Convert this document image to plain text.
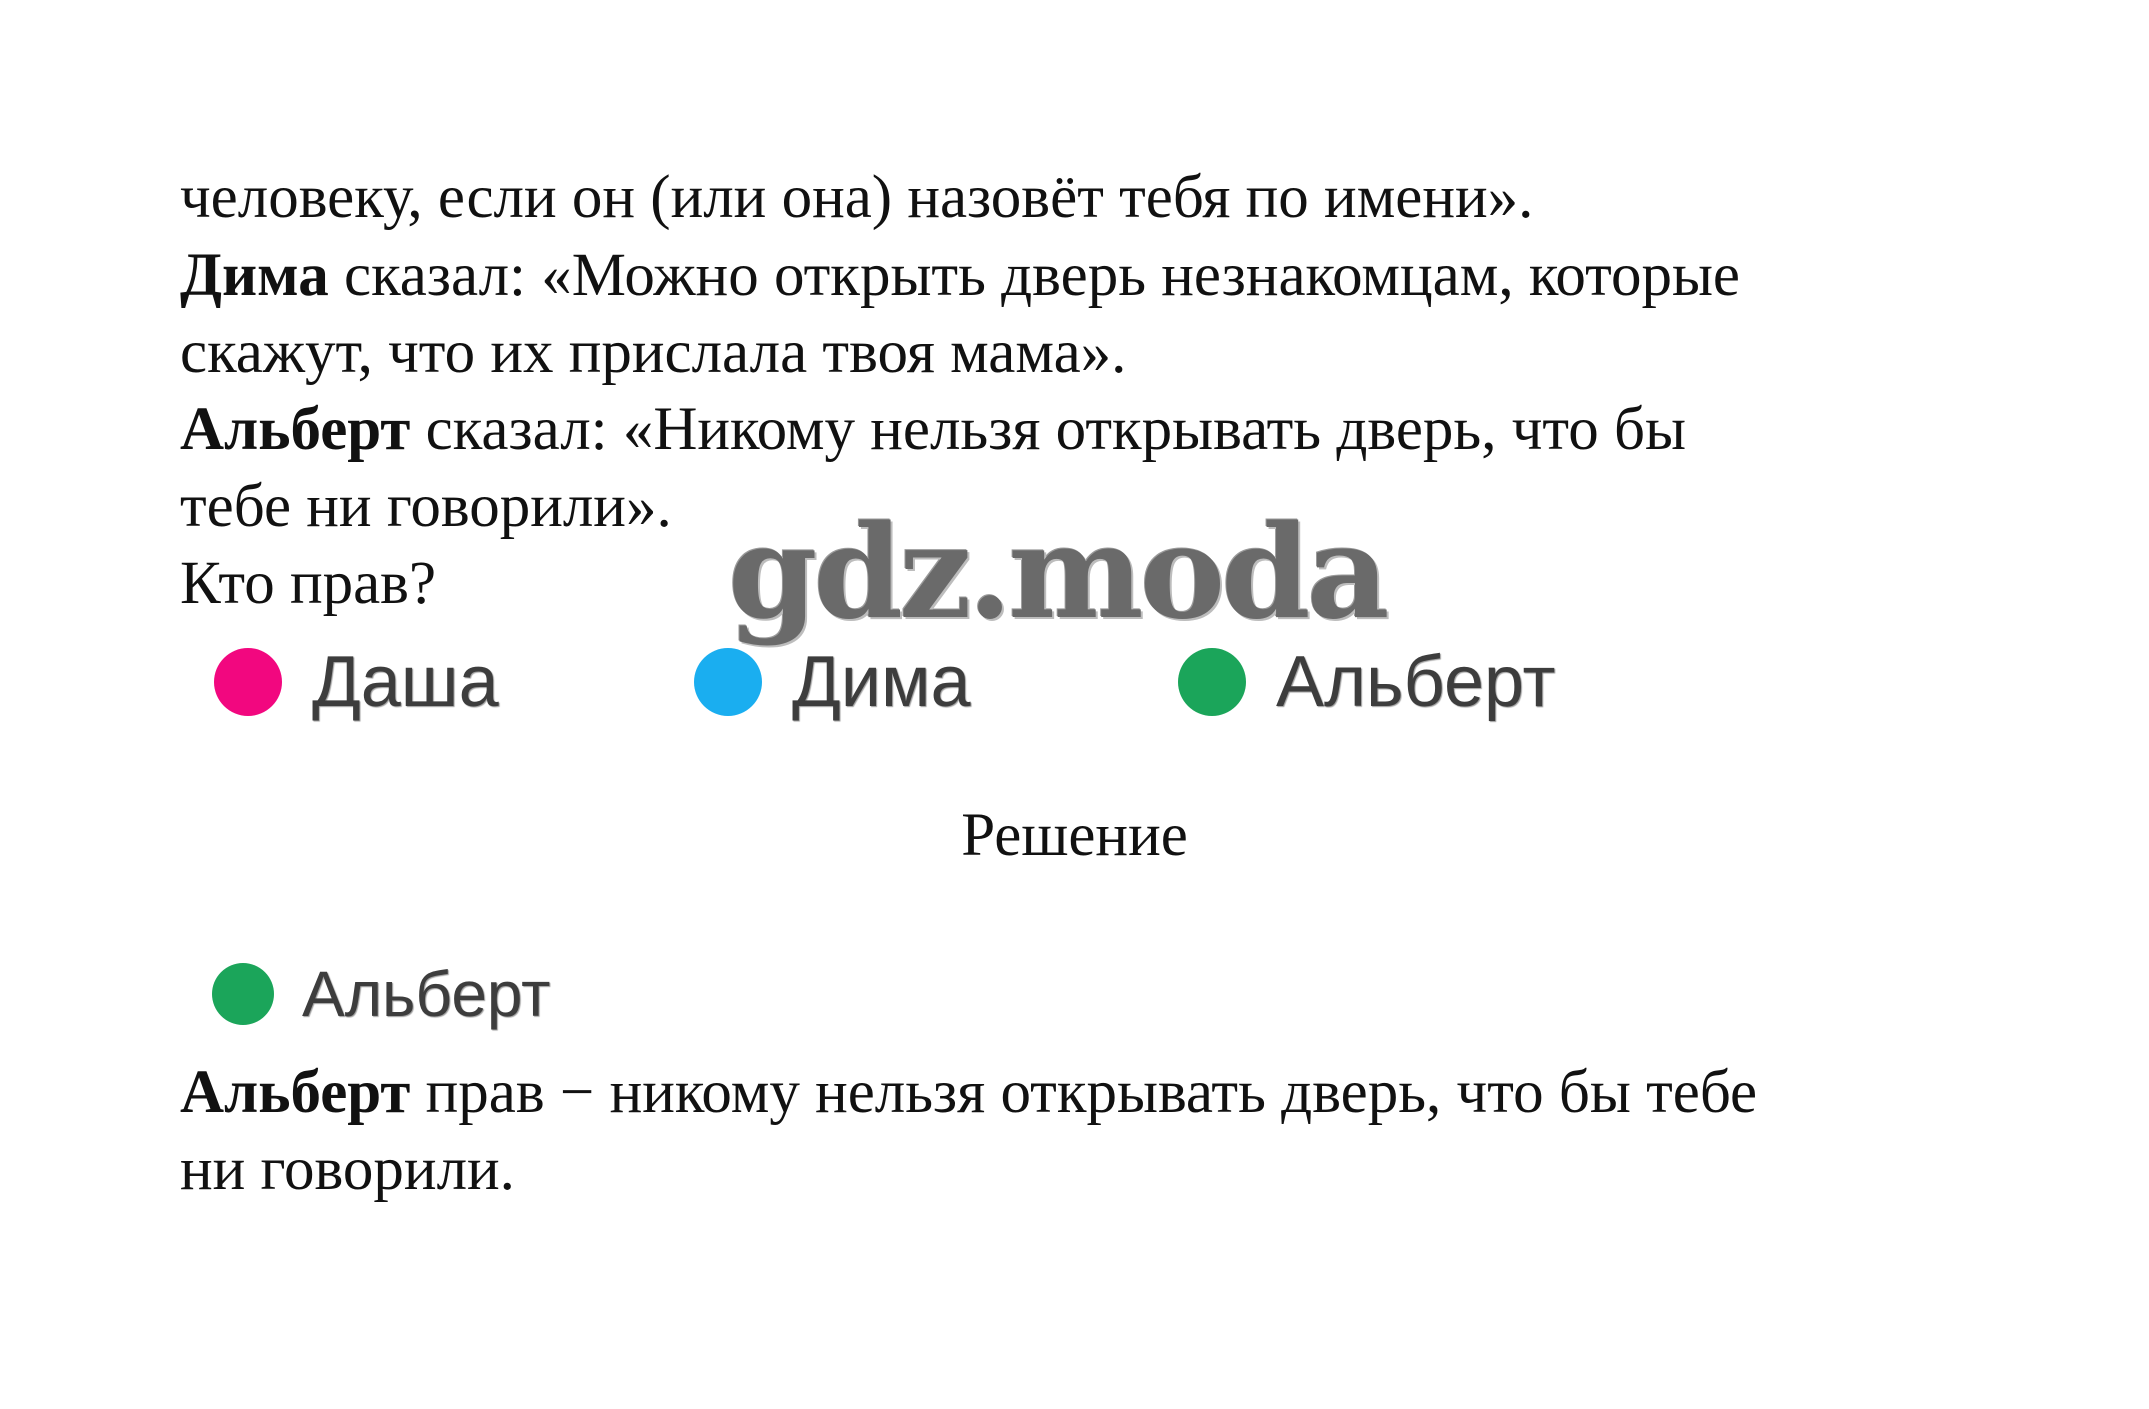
человеку, если он (или она) назовёт тебя по имени».
Дима сказал: «Можно открыть дверь незнакомцам, которые
скажут, что их прислала твоя мама».
Альберт сказал: «Никому нельзя открывать дверь, что бы
тебе ни говорили».
Кто прав? gdz.moda
Даша	Дима	Альберт
Решение
Альберт
Альберт прав − никому нельзя открывать дверь, что бы тебе
ни говорили.
